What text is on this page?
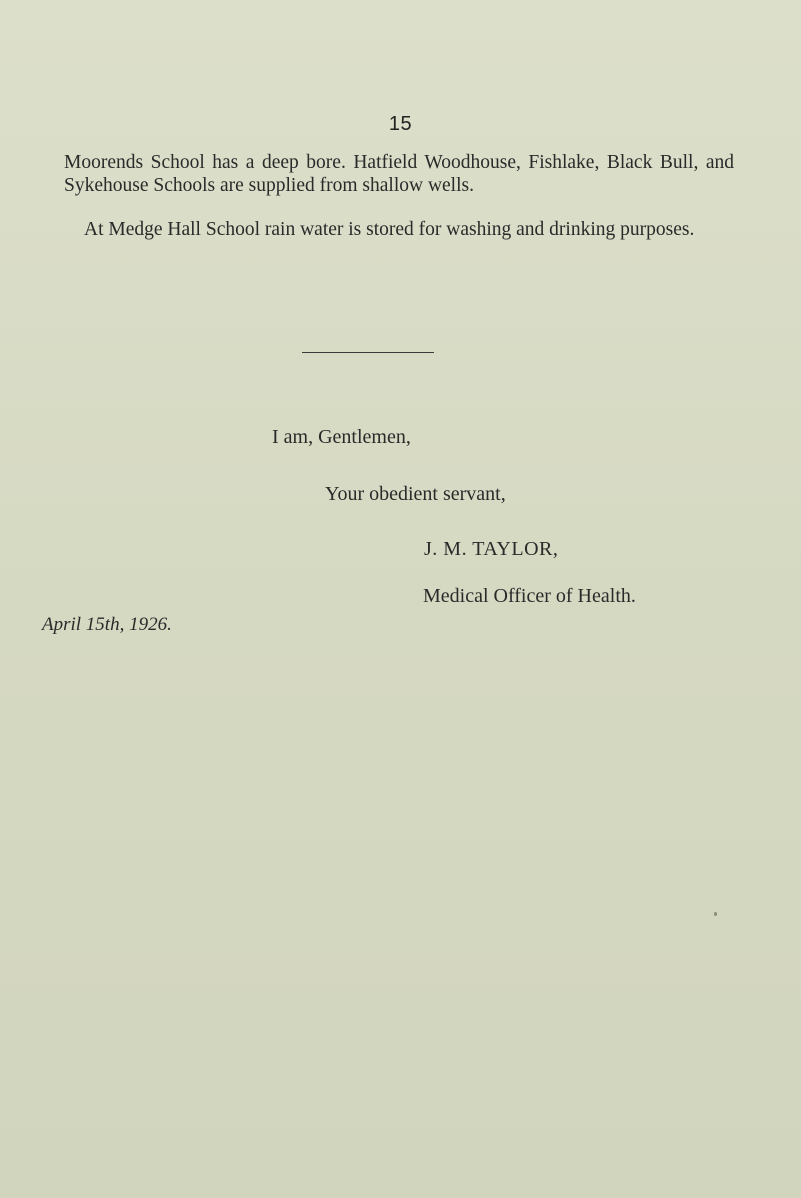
15

Moorends School has a deep bore. Hatfield Woodhouse, Fishlake, Black Bull, and Sykehouse Schools are supplied from shallow wells.

At Medge Hall School rain water is stored for washing and drinking purposes.

I am, Gentlemen,
Your obedient servant,
J. M. TAYLOR,
Medical Officer of Health.
April 15th, 1926.
